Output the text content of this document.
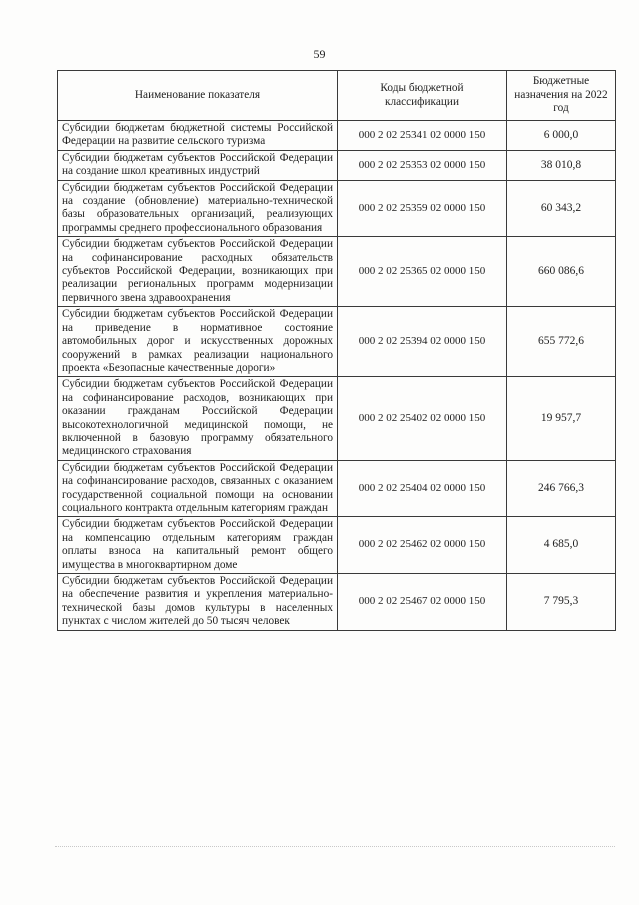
59
Наименование показателя	Коды бюджетной классификации	Бюджетные назначения на 2022 год
Субсидии бюджетам бюджетной системы Российской Федерации на развитие сельского туризма	000 2 02 25341 02 0000 150	6 000,0
Субсидии бюджетам субъектов Российской Федерации на создание школ креативных индустрий	000 2 02 25353 02 0000 150	38 010,8
Субсидии бюджетам субъектов Российской Федерации на создание (обновление) материально-технической базы образовательных организаций, реализующих программы среднего профессионального образования	000 2 02 25359 02 0000 150	60 343,2
Субсидии бюджетам субъектов Российской Федерации на софинансирование расходных обязательств субъектов Российской Федерации, возникающих при реализации региональных программ модернизации первичного звена здравоохранения	000 2 02 25365 02 0000 150	660 086,6
Субсидии бюджетам субъектов Российской Федерации на приведение в нормативное состояние автомобильных дорог и искусственных дорожных сооружений в рамках реализации национального проекта «Безопасные качественные дороги»	000 2 02 25394 02 0000 150	655 772,6
Субсидии бюджетам субъектов Российской Федерации на софинансирование расходов, возникающих при оказании гражданам Российской Федерации высокотехнологичной медицинской помощи, не включенной в базовую программу обязательного медицинского страхования	000 2 02 25402 02 0000 150	19 957,7
Субсидии бюджетам субъектов Российской Федерации на софинансирование расходов, связанных с оказанием государственной социальной помощи на основании социального контракта отдельным категориям граждан	000 2 02 25404 02 0000 150	246 766,3
Субсидии бюджетам субъектов Российской Федерации на компенсацию отдельным категориям граждан оплаты взноса на капитальный ремонт общего имущества в многоквартирном доме	000 2 02 25462 02 0000 150	4 685,0
Субсидии бюджетам субъектов Российской Федерации на обеспечение развития и укрепления материально-технической базы домов культуры в населенных пунктах с числом жителей до 50 тысяч человек	000 2 02 25467 02 0000 150	7 795,3
